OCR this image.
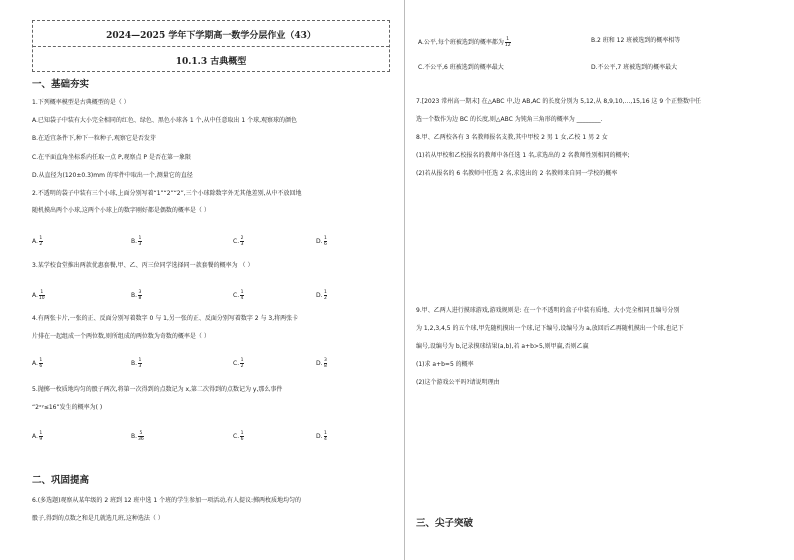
2024—2025 学年下学期高一数学分层作业（43）
10.1.3 古典概型
一、基础夯实
1.下列概率模型是古典概型的是（ ）
A.已知袋子中装有大小完全相同的红色、绿色、黑色小球各 1 个,从中任意取出 1 个球,观察球的颜色
B.在适宜条件下,种下一粒种子,观察它是否发芽
C.在平面直角坐标系内任取一点 P,观察点 P 是否在第一象限
D.从直径为(120±0.3)mm 的零件中取出一个,测量它的直径
2.不透明的袋子中装有三个小球,上面分别写着“1”“2”“2”,三个小球除数字外无其他差别,从中不放回地
随机摸出两个小球,这两个小球上的数字刚好都是偶数的概率是（ ）
A. $\frac{1}{2}$	B. $\frac{1}{3}$	C. $\frac{2}{3}$	D. $\frac{1}{6}$
3.某学校食堂推出两款优惠套餐,甲、乙、丙三位同学选择同一款套餐的概率为 （ ）
A. $\frac{1}{10}$	B. $\frac{3}{8}$	C. $\frac{1}{4}$	D. $\frac{1}{2}$
4.有两张卡片,一张的正、反面分别写着数字 0 与 1,另一张的正、反面分别写着数字 2 与 3,将两张卡
片排在一起组成一个两位数,则所组成的两位数为奇数的概率是（ ）
A. $\frac{1}{6}$	B. $\frac{1}{3}$	C. $\frac{1}{2}$	D. $\frac{3}{8}$
5.抛掷一枚质地均匀的骰子两次,将第一次得到的点数记为 x,第二次得到的点数记为 y,那么事件
“2ˣʸ≤16”发生的概率为( )
A. $\frac{1}{9}$	B. $\frac{5}{36}$	C. $\frac{1}{6}$	D. $\frac{1}{4}$
二、巩固提高
6.(多选题)观察从某年级的 2 班到 12 班中选 1 个班的学生参加一项活动,有人提议:掷两枚质地均匀的
骰子,得到的点数之和是几就选几班,这种选法（ ）
A.公平,每个班被选到的概率都为 $\frac{1}{12}$	B.2 班和 12 班被选到的概率相等
C.不公平,6 班被选到的概率最大	D.不公平,7 班被选到的概率最大
7.[2023 常州高一期末] 在△ABC 中,边 AB,AC 的长度分别为 5,12,从 8,9,10,…,15,16 这 9 个正整数中任
选一个数作为边 BC 的长度,则△ABC 为钝角三角形的概率为 ________.
8.甲、乙两校各有 3 名教师报名支教,其中甲校 2 男 1 女,乙校 1 男 2 女
(1)若从甲校和乙校报名的教师中各任选 1 名,求选出的 2 名教师性别相同的概率;
(2)若从报名的 6 名教师中任选 2 名,求选出的 2 名教师来自同一学校的概率
9.甲、乙两人进行摸球游戏,游戏规则是: 在一个不透明的盒子中装有质地、大小完全相同且编号分别
为 1,2,3,4,5 的五个球,甲先随机摸出一个球,记下编号,设编号为 a,放回后乙再随机摸出一个球,也记下
编号,设编号为 b,记录摸球结果(a,b),若 a+b>5,则甲赢,否则乙赢
(1)求 a+b=5 的概率
(2)这个游戏公平吗?请说明理由
三、尖子突破
